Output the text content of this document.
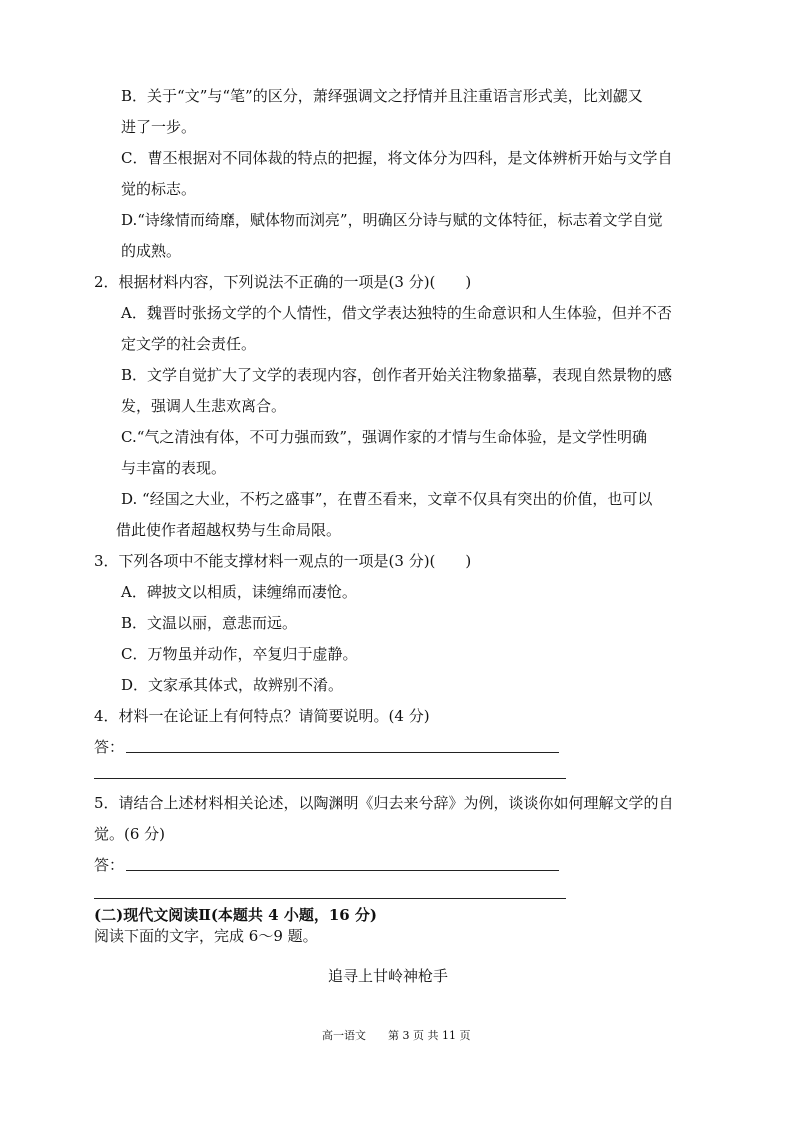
B．关于“文”与“笔”的区分，萧绎强调文之抒情并且注重语言形式美，比刘勰又
进了一步。
C．曹丕根据对不同体裁的特点的把握，将文体分为四科，是文体辨析开始与文学自
觉的标志。
D.“诗缘情而绮靡，赋体物而浏亮”，明确区分诗与赋的文体特征，标志着文学自觉
的成熟。
2．根据材料内容，下列说法不正确的一项是(3 分)(　　)
A．魏晋时张扬文学的个人情性，借文学表达独特的生命意识和人生体验，但并不否
定文学的社会责任。
B．文学自觉扩大了文学的表现内容，创作者开始关注物象描摹，表现自然景物的感
发，强调人生悲欢离合。
C.“气之清浊有体，不可力强而致”，强调作家的才情与生命体验，是文学性明确
与丰富的表现。
D. “经国之大业，不朽之盛事”，在曹丕看来，文章不仅具有突出的价值，也可以
借此使作者超越权势与生命局限。
3．下列各项中不能支撑材料一观点的一项是(3 分)(　　)
A．碑披文以相质，诔缠绵而凄怆。
B．文温以丽，意悲而远。
C．万物虽并动作，卒复归于虚静。
D．文家承其体式，故辨别不淆。
4．材料一在论证上有何特点？请简要说明。(4 分)
答：
5．请结合上述材料相关论述，以陶渊明《归去来兮辞》为例，谈谈你如何理解文学的自
觉。(6 分)
答：
(二)现代文阅读Ⅱ(本题共 4 小题，16 分)
阅读下面的文字，完成 6～9 题。
追寻上甘岭神枪手
高一语文 第 3 页 共 11 页
